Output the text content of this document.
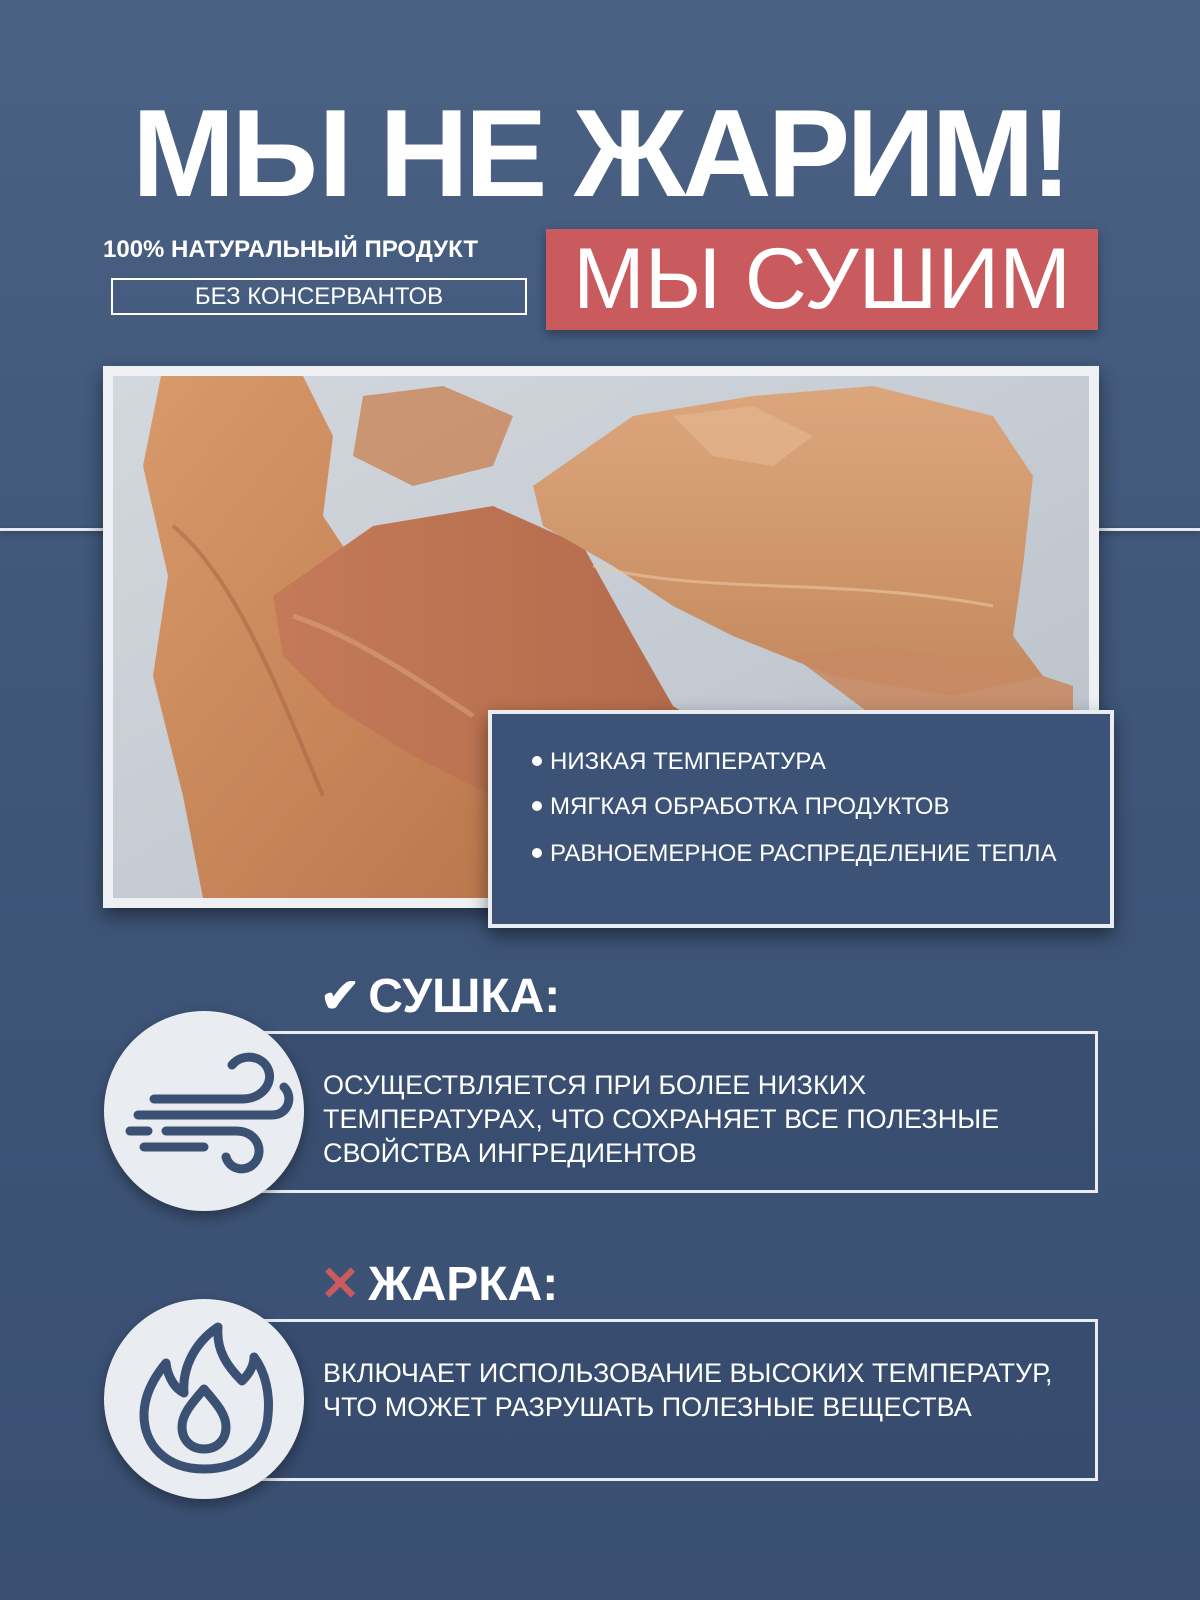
МЫ НЕ ЖАРИМ!
100% НАТУРАЛЬНЫЙ ПРОДУКТ
БЕЗ КОНСЕРВАНТОВ	МЫ СУШИМ
НИЗКАЯ ТЕМПЕРАТУРА
МЯГКАЯ ОБРАБОТКА ПРОДУКТОВ
РАВНОЕМЕРНОЕ РАСПРЕДЕЛЕНИЕ ТЕПЛА
✔ СУШКА:
ОСУЩЕСТВЛЯЕТСЯ ПРИ БОЛЕЕ НИЗКИХ ТЕМПЕРАТУРАХ, ЧТО СОХРАНЯЕТ ВСЕ ПОЛЕЗНЫЕ СВОЙСТВА ИНГРЕДИЕНТОВ
✕ ЖАРКА:
ВКЛЮЧАЕТ ИСПОЛЬЗОВАНИЕ ВЫСОКИХ ТЕМПЕРАТУР, ЧТО МОЖЕТ РАЗРУШАТЬ ПОЛЕЗНЫЕ ВЕЩЕСТВА
